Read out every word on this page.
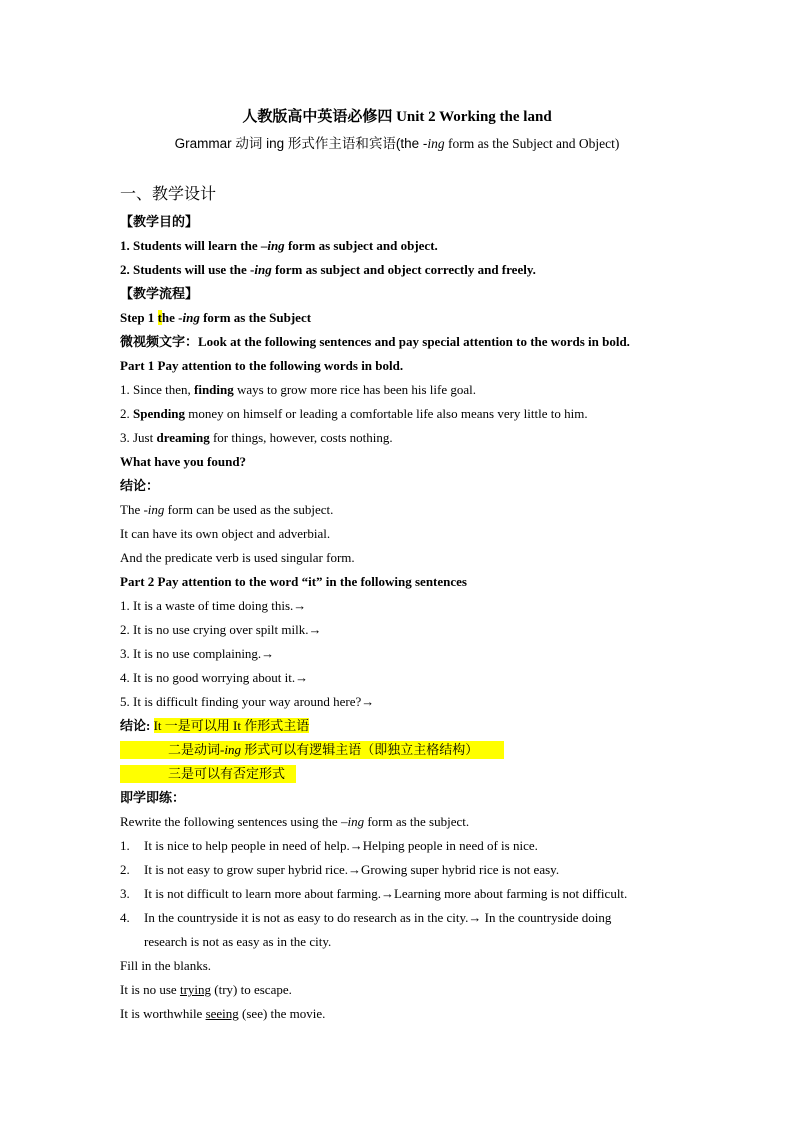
人教版高中英语必修四 Unit 2 Working the land
Grammar 动词 ing 形式作主语和宾语(the -ing form as the Subject and Object)
一、教学设计
【教学目的】
1. Students will learn the –ing form as subject and object.
2. Students will use the -ing form as subject and object correctly and freely.
【教学流程】
Step 1 the -ing form as the Subject
微视频文字：Look at the following sentences and pay special attention to the words in bold.
Part 1 Pay attention to the following words in bold.
1. Since then, finding ways to grow more rice has been his life goal.
2. Spending money on himself or leading a comfortable life also means very little to him.
3. Just dreaming for things, however, costs nothing.
What have you found?
结论：
The -ing form can be used as the subject.
It can have its own object and adverbial.
And the predicate verb is used singular form.
Part 2 Pay attention to the word “it” in the following sentences
1. It is a waste of time doing this.→
2. It is no use crying over spilt milk.→
3. It is no use complaining.→
4. It is no good worrying about it.→
5. It is difficult finding your way around here?→
结论: It 一是可以用 It 作形式主语
二是动词-ing 形式可以有逻辑主语（即独立主格结构）
三是可以有否定形式
即学即练：
Rewrite the following sentences using the –ing form as the subject.
1. It is nice to help people in need of help.→Helping people in need of is nice.
2. It is not easy to grow super hybrid rice.→Growing super hybrid rice is not easy.
3. It is not difficult to learn more about farming.→Learning more about farming is not difficult.
4. In the countryside it is not as easy to do research as in the city.→ In the countryside doing
research is not as easy as in the city.
Fill in the blanks.
It is no use trying (try) to escape.
It is worthwhile seeing (see) the movie.
